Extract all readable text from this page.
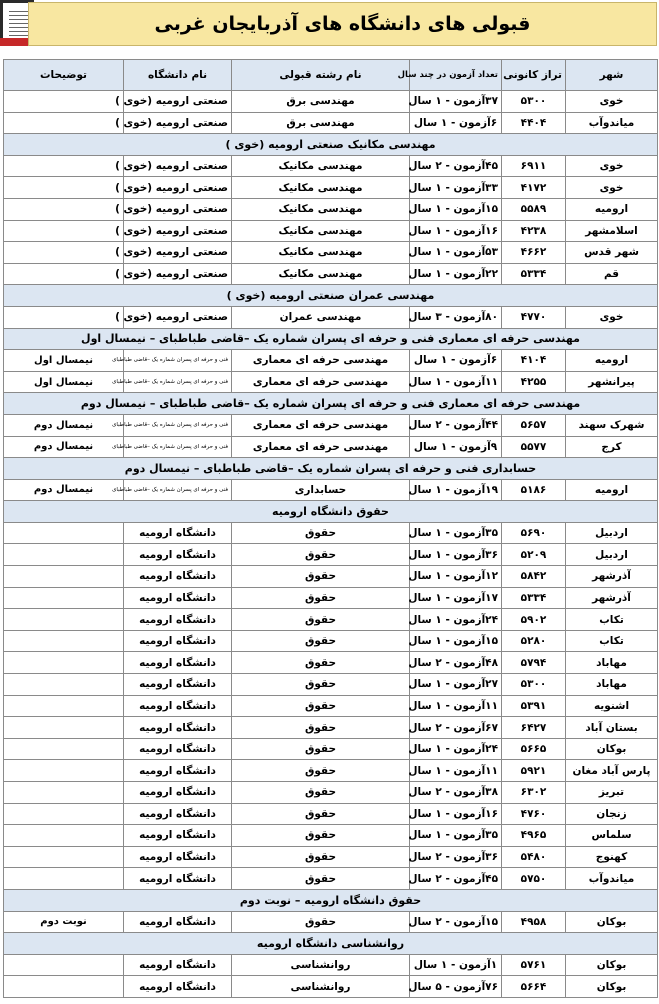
قبولی های دانشگاه های آذربایجان غربی
شهر	تراز کانونی	تعداد آزمون در چند سال	نام رشته قبولی	نام دانشگاه	توضیحات
خوی	۵۳۰۰	۳۷آزمون - ۱ سال	مهندسی برق	صنعتی ارومیه (خوی )	
میاندوآب	۴۴۰۴	۶آزمون - ۱ سال	مهندسی برق	صنعتی ارومیه (خوی )	
مهندسی مکانیک صنعتی ارومیه (خوی )					
خوی	۶۹۱۱	۴۵آزمون - ۲ سال	مهندسی مکانیک	صنعتی ارومیه (خوی )	
خوی	۴۱۷۲	۳۳آزمون - ۱ سال	مهندسی مکانیک	صنعتی ارومیه (خوی )	
ارومیه	۵۵۸۹	۱۵آزمون - ۱ سال	مهندسی مکانیک	صنعتی ارومیه (خوی )	
اسلامشهر	۴۲۳۸	۱۶آزمون - ۱ سال	مهندسی مکانیک	صنعتی ارومیه (خوی )	
شهر قدس	۴۶۶۲	۵۳آزمون - ۱ سال	مهندسی مکانیک	صنعتی ارومیه (خوی )	
قم	۵۳۳۴	۲۲آزمون - ۱ سال	مهندسی مکانیک	صنعتی ارومیه (خوی )	
مهندسی عمران صنعتی ارومیه (خوی )					
خوی	۴۷۷۰	۸۰آزمون - ۳ سال	مهندسی عمران	صنعتی ارومیه (خوی )	
مهندسی حرفه ای معماری فنی و حرفه ای پسران شماره یک –قاضی طباطبای – نیمسال اول					
ارومیه	۴۱۰۴	۶آزمون - ۱ سال	مهندسی حرفه ای معماری	فنی و حرفه ای پسران شماره یک –قاضی طباطبای	نیمسال اول
پیرانشهر	۴۲۵۵	۱۱آزمون - ۱ سال	مهندسی حرفه ای معماری	فنی و حرفه ای پسران شماره یک –قاضی طباطبای	نیمسال اول
مهندسی حرفه ای معماری فنی و حرفه ای پسران شماره یک –قاضی طباطبای – نیمسال دوم					
شهرک سهند	۵۶۵۷	۴۴آزمون - ۲ سال	مهندسی حرفه ای معماری	فنی و حرفه ای پسران شماره یک –قاضی طباطبای	نیمسال دوم
کرج	۵۵۷۷	۹آزمون - ۱ سال	مهندسی حرفه ای معماری	فنی و حرفه ای پسران شماره یک –قاضی طباطبای	نیمسال دوم
حسابداری فنی و حرفه ای پسران شماره یک –قاضی طباطبای – نیمسال دوم					
ارومیه	۵۱۸۶	۱۹آزمون - ۱ سال	حسابداری	فنی و حرفه ای پسران شماره یک –قاضی طباطبای	نیمسال دوم
حقوق دانشگاه ارومیه					
اردبیل	۵۶۹۰	۳۵آزمون - ۱ سال	حقوق	دانشگاه ارومیه	
اردبیل	۵۲۰۹	۳۶آزمون - ۱ سال	حقوق	دانشگاه ارومیه	
آذرشهر	۵۸۴۲	۱۲آزمون - ۱ سال	حقوق	دانشگاه ارومیه	
آذرشهر	۵۳۳۴	۱۷آزمون - ۱ سال	حقوق	دانشگاه ارومیه	
تکاب	۵۹۰۲	۲۴آزمون - ۱ سال	حقوق	دانشگاه ارومیه	
تکاب	۵۲۸۰	۱۵آزمون - ۱ سال	حقوق	دانشگاه ارومیه	
مهاباد	۵۷۹۴	۴۸آزمون - ۲ سال	حقوق	دانشگاه ارومیه	
مهاباد	۵۳۰۰	۲۷آزمون - ۱ سال	حقوق	دانشگاه ارومیه	
اشنویه	۵۳۹۱	۱۱آزمون - ۱ سال	حقوق	دانشگاه ارومیه	
بستان آباد	۶۴۲۷	۶۷آزمون - ۲ سال	حقوق	دانشگاه ارومیه	
بوکان	۵۶۶۵	۲۴آزمون - ۱ سال	حقوق	دانشگاه ارومیه	
پارس آباد مغان	۵۹۲۱	۱۱آزمون - ۱ سال	حقوق	دانشگاه ارومیه	
تبریز	۶۳۰۲	۳۸آزمون - ۲ سال	حقوق	دانشگاه ارومیه	
زنجان	۴۷۶۰	۱۶آزمون - ۱ سال	حقوق	دانشگاه ارومیه	
سلماس	۴۹۶۵	۳۵آزمون - ۱ سال	حقوق	دانشگاه ارومیه	
کهنوج	۵۴۸۰	۳۶آزمون - ۲ سال	حقوق	دانشگاه ارومیه	
میاندوآب	۵۷۵۰	۴۵آزمون - ۲ سال	حقوق	دانشگاه ارومیه	
حقوق دانشگاه ارومیه – نوبت دوم					
بوکان	۴۹۵۸	۱۵آزمون - ۲ سال	حقوق	دانشگاه ارومیه	نوبت دوم
روانشناسی دانشگاه ارومیه					
بوکان	۵۷۶۱	۱آزمون - ۱ سال	روانشناسی	دانشگاه ارومیه	
بوکان	۵۶۶۴	۷۶آزمون - ۵ سال	روانشناسی	دانشگاه ارومیه	
